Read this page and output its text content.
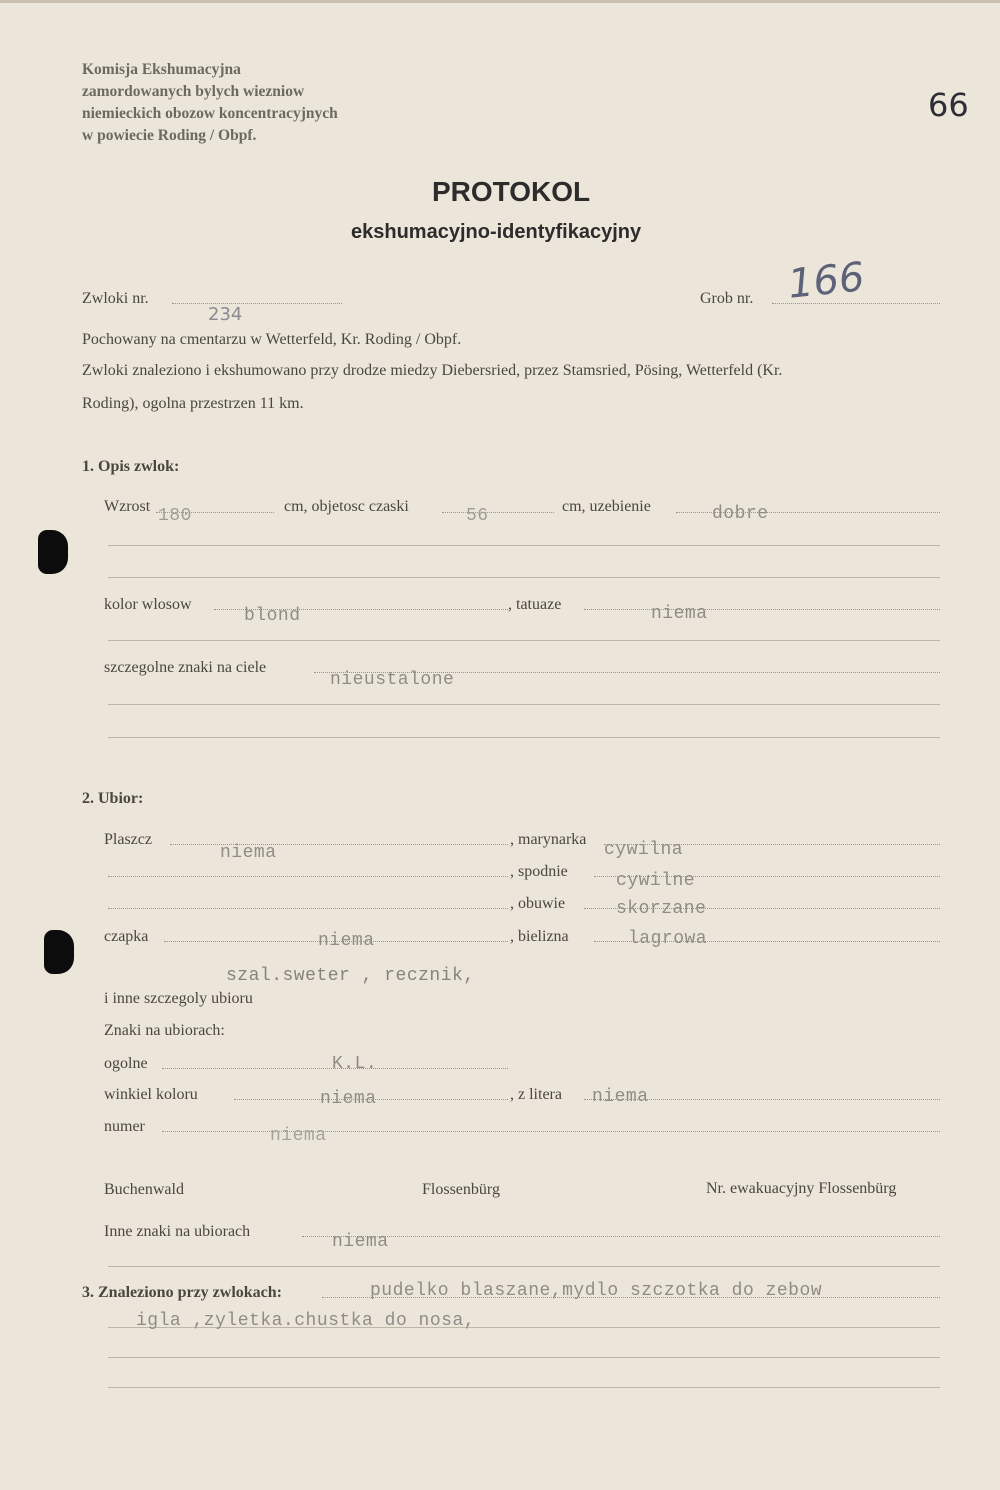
Komisja Ekshumacyjna
zamordowanych bylych wiezniow
niemieckich obozow koncentracyjnych
w powiecie Roding / Obpf.
66
PROTOKOL
ekshumacyjno-identyfikacyjny
Zwloki nr.
234
Grob nr. 166
Pochowany na cmentarzu w Wetterfeld, Kr. Roding / Obpf.
Zwloki znaleziono i ekshumowano przy drodze miedzy Diebersried, przez Stamsried, Pösing, Wetterfeld (Kr.
Roding), ogolna przestrzen 11 km.
1. Opis zwlok:
Wzrost 180	cm, objetosc czaski	56	cm, uzebienie	dobre
kolor wlosow
blond
, tatuaze	niema
szczegolne znaki na ciele
nieustalone
2. Ubior:
Plaszcz
niema
, marynarka
cywilna
, spodnie	cywilne
, obuwie	skorzane
czapka	niema	, bielizna	lagrowa
szal.sweter , recznik,
i inne szczegoly ubioru
Znaki na ubiorach:
ogolne	K.L.
winkiel koloru	niema	, z litera niema
numer	niema
Buchenwald	Flossenbürg	Nr. ewakuacyjny Flossenbürg
Inne znaki na ubiorach
niema
3. Znaleziono przy zwlokach:	pudelko blaszane,mydlo szczotka do zebow
igla ,zyletka.chustka do nosa,
